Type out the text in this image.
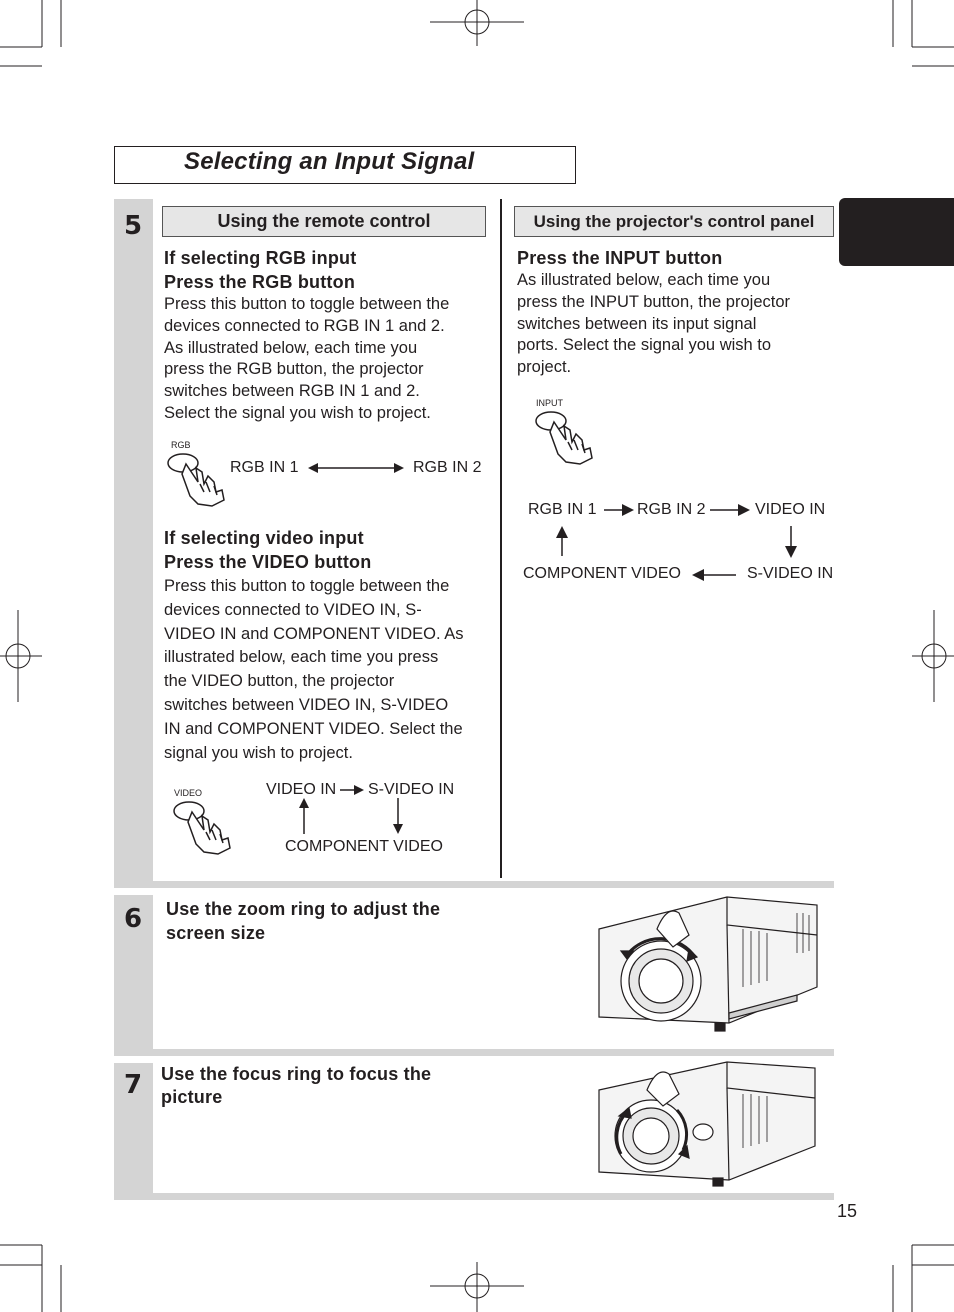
Selecting an Input Signal
5	Using the remote control	Using the projector's control panel
If selecting RGB input
Press the RGB button
Press this button to toggle between the
devices connected to RGB IN 1 and 2.
As illustrated below, each time you
press the RGB button, the projector
switches between RGB IN 1 and 2.
Select the signal you wish to project.
RGB
RGB IN 1	RGB IN 2
If selecting video input
Press the VIDEO button
Press this button to toggle between the
devices connected to VIDEO IN, S-
VIDEO IN and COMPONENT VIDEO. As
illustrated below, each time you press
the VIDEO button, the projector
switches between VIDEO IN, S-VIDEO
IN and COMPONENT VIDEO. Select the
signal you wish to project.
VIDEO	VIDEO IN S-VIDEO IN
COMPONENT VIDEO
Press the INPUT button
As illustrated below, each time you
press the INPUT button, the projector
switches between its input signal
ports. Select the signal you wish to
project.
INPUT
RGB IN 1	RGB IN 2	VIDEO IN
COMPONENT VIDEO	S-VIDEO IN
6 Use the zoom ring to adjust the
screen size
7 Use the focus ring to focus the
picture
15
